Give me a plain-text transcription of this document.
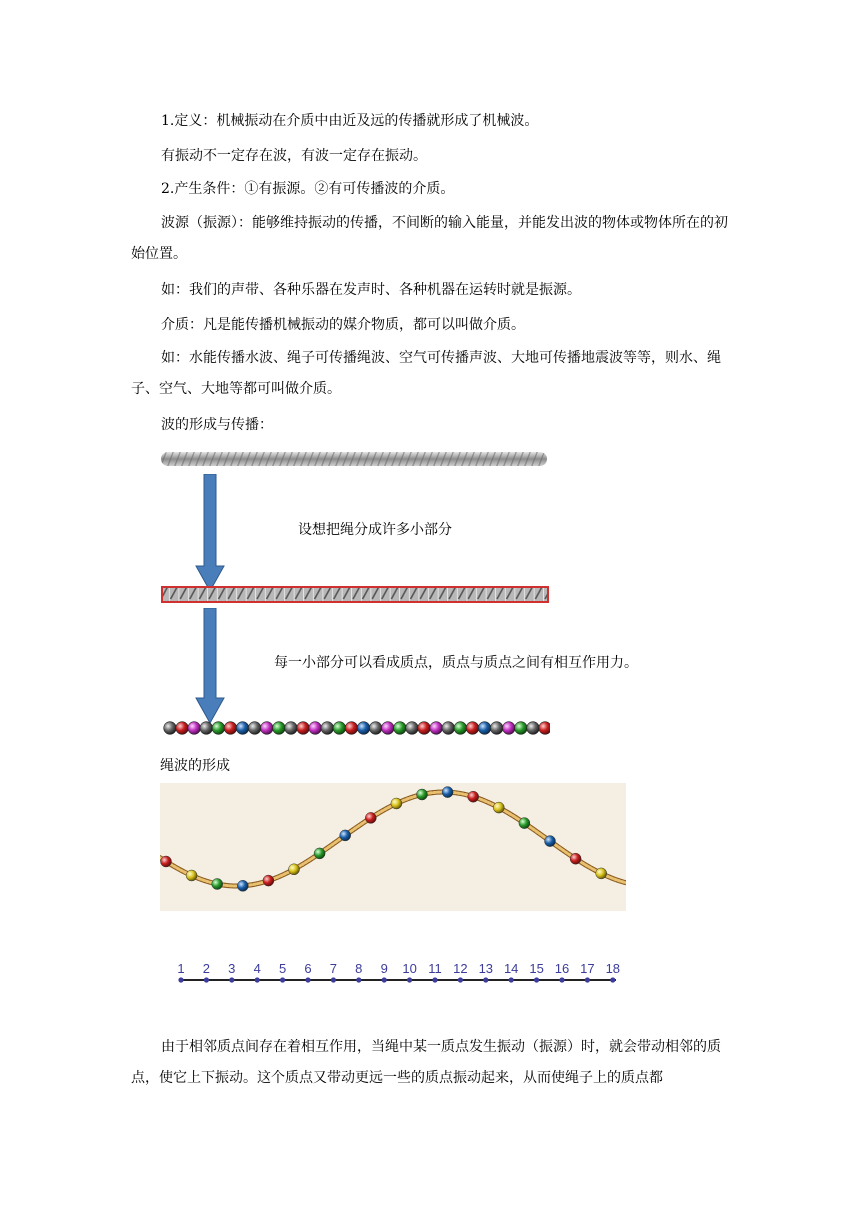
1.定义：机械振动在介质中由近及远的传播就形成了机械波。

有振动不一定存在波，有波一定存在振动。

2.产生条件：①有振源。②有可传播波的介质。

波源（振源）：能够维持振动的传播，不间断的输入能量，并能发出波的物体或物体所在的初始位置。

如：我们的声带、各种乐器在发声时、各种机器在运转时就是振源。

介质：凡是能传播机械振动的媒介物质，都可以叫做介质。

如：水能传播水波、绳子可传播绳波、空气可传播声波、大地可传播地震波等等，则水、绳子、空气、大地等都可叫做介质。

波的形成与传播：

设想把绳分成许多小部分
每一小部分可以看成质点，质点与质点之间有相互作用力。
绳波的形成
1 2 3 4 5 6 7 8 9 10 11 12 13 14 15 16 17 18

由于相邻质点间存在着相互作用，当绳中某一质点发生振动（振源）时，就会带动相邻的质点，使它上下振动。这个质点又带动更远一些的质点振动起来，从而使绳子上的质点都
